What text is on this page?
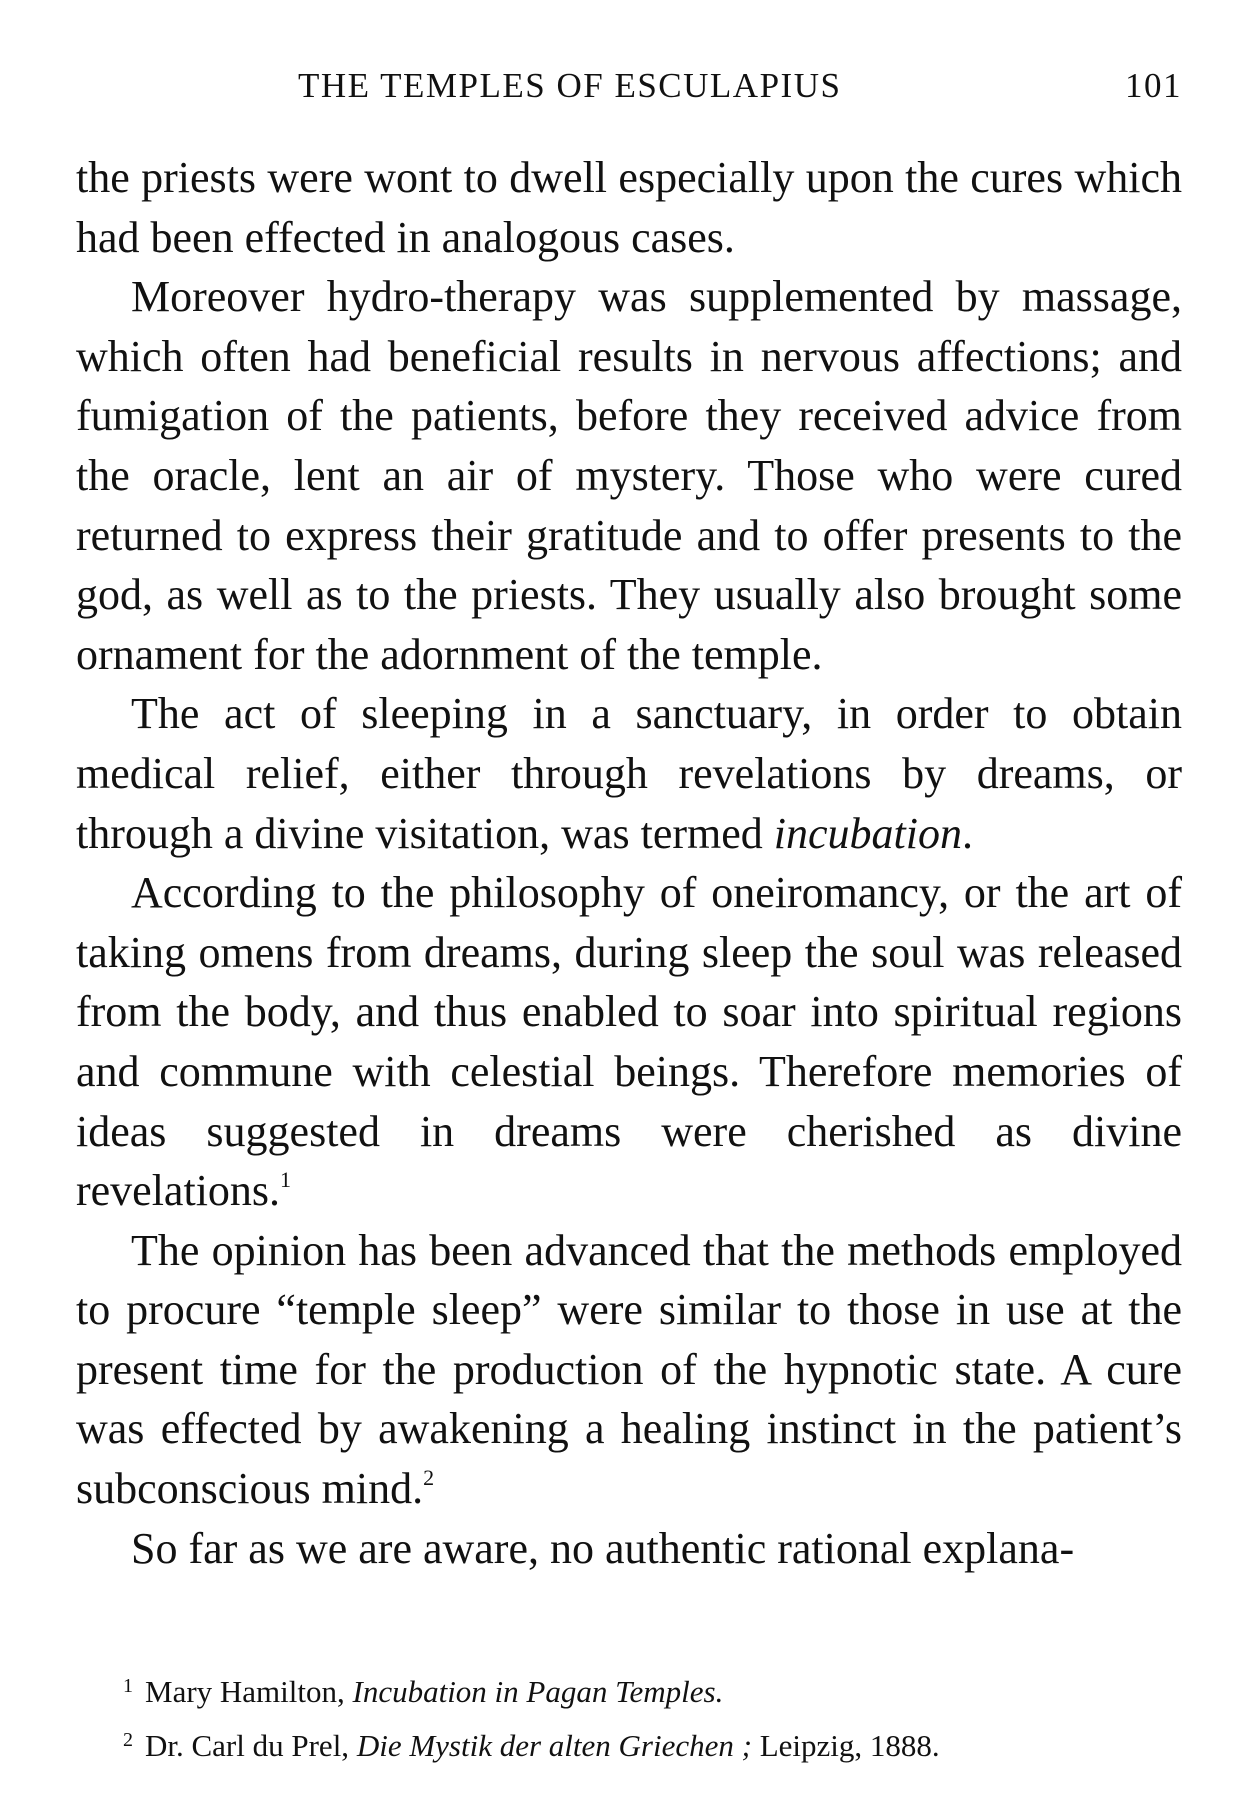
THE TEMPLES OF ESCULAPIUS	101

the priests were wont to dwell especially upon the cures which had been effected in analogous cases.

Moreover hydro-therapy was supplemented by massage, which often had beneficial results in nervous affections; and fumigation of the patients, before they received advice from the oracle, lent an air of mystery. Those who were cured returned to express their gratitude and to offer presents to the god, as well as to the priests. They usually also brought some ornament for the adornment of the temple.

The act of sleeping in a sanctuary, in order to obtain medical relief, either through revelations by dreams, or through a divine visitation, was termed incubation.

According to the philosophy of oneiromancy, or the art of taking omens from dreams, during sleep the soul was released from the body, and thus enabled to soar into spiritual regions and commune with celestial beings. Therefore memories of ideas suggested in dreams were cherished as divine revelations.$^1$

The opinion has been advanced that the methods employed to procure “temple sleep” were similar to those in use at the present time for the production of the hypnotic state. A cure was effected by awakening a healing instinct in the patient’s subconscious mind.$^2$

So far as we are aware, no authentic rational explana-

$^1$ Mary Hamilton, Incubation in Pagan Temples.

$^2$ Dr. Carl du Prel, Die Mystik der alten Griechen ; Leipzig, 1888.
